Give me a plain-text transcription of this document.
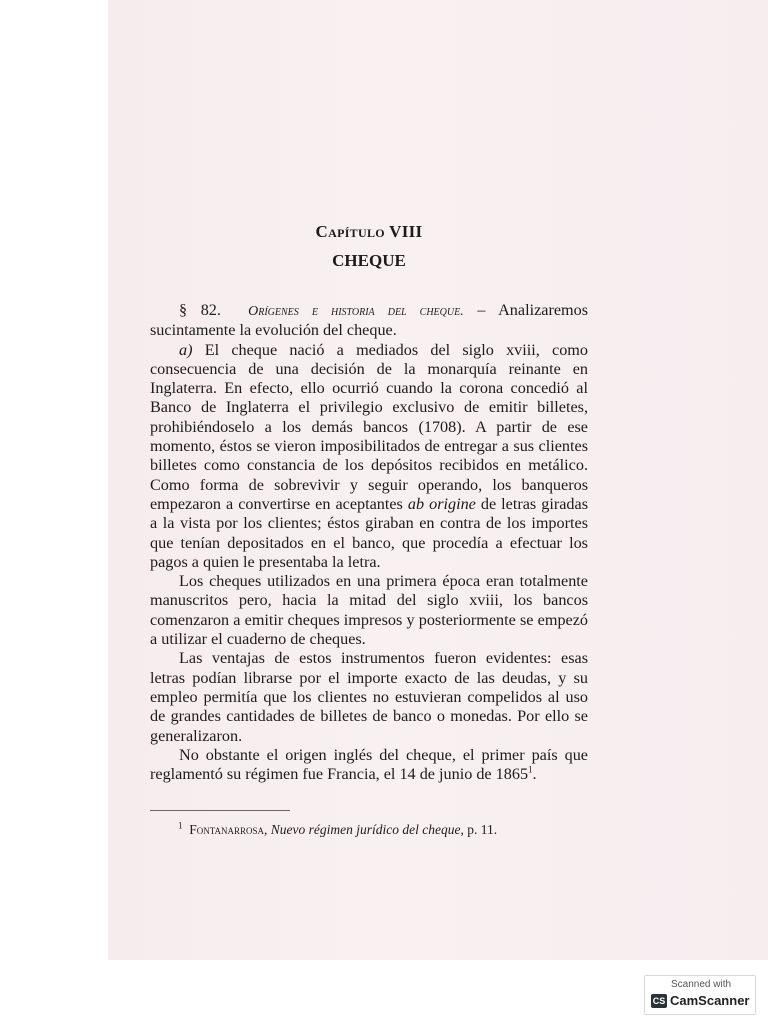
Capítulo VIII

CHEQUE

§ 82. Orígenes e historia del cheque. – Analizaremos sucintamente la evolución del cheque.

a) El cheque nació a mediados del siglo xviii, como consecuencia de una decisión de la monarquía reinante en Inglaterra. En efecto, ello ocurrió cuando la corona concedió al Banco de Inglaterra el privilegio exclusivo de emitir billetes, prohibiéndoselo a los demás bancos (1708). A partir de ese momento, éstos se vieron imposibilitados de entregar a sus clientes billetes como constancia de los depósitos recibidos en metálico. Como forma de sobrevivir y seguir operando, los banqueros empezaron a convertirse en aceptantes ab origine de letras giradas a la vista por los clientes; éstos giraban en contra de los importes que tenían depositados en el banco, que procedía a efectuar los pagos a quien le presentaba la letra.

Los cheques utilizados en una primera época eran totalmente manuscritos pero, hacia la mitad del siglo xviii, los bancos comenzaron a emitir cheques impresos y posteriormente se empezó a utilizar el cuaderno de cheques.

Las ventajas de estos instrumentos fueron evidentes: esas letras podían librarse por el importe exacto de las deudas, y su empleo permitía que los clientes no estuvieran compelidos al uso de grandes cantidades de billetes de banco o monedas. Por ello se generalizaron.

No obstante el origen inglés del cheque, el primer país que reglamentó su régimen fue Francia, el 14 de junio de 1865$^1$.

$^1$ Fontanarrosa, Nuevo régimen jurídico del cheque, p. 11.

Scanned with
CS CamScanner
